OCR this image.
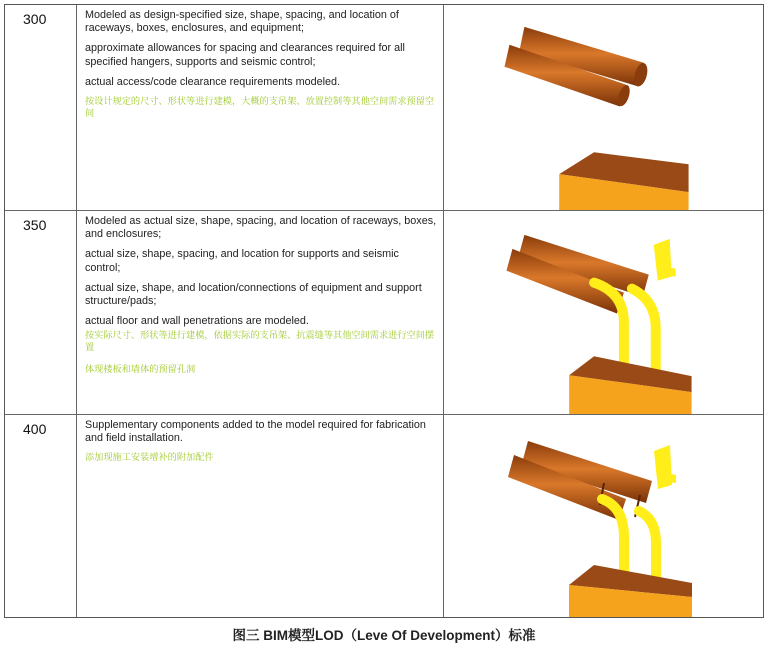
300	Modeled as design-specified size, shape, spacing, and location of raceways, boxes, enclosures, and equipment;

approximate allowances for spacing and clearances required for all specified hangers, supports and seismic control;

actual access/code clearance requirements modeled.

按设计规定的尺寸、形状等进行建模，大概的支吊架、放置控制等其他空间需求预留空间

350	Modeled as actual size, shape, spacing, and location of raceways, boxes, and enclosures;

actual size, shape, spacing, and location for supports and seismic control;

actual size, shape, and location/connections of equipment and support structure/pads;

actual floor and wall penetrations are modeled.

按实际尺寸、形状等进行建模，依据实际的支吊架、抗震缝等其他空间需求进行空间摆置

体现楼板和墙体的预留孔洞

400	Supplementary components added to the model required for fabrication and field installation.

添加现施工安装增补的附加配件

图三 BIM模型LOD（Leve Of Development）标准
